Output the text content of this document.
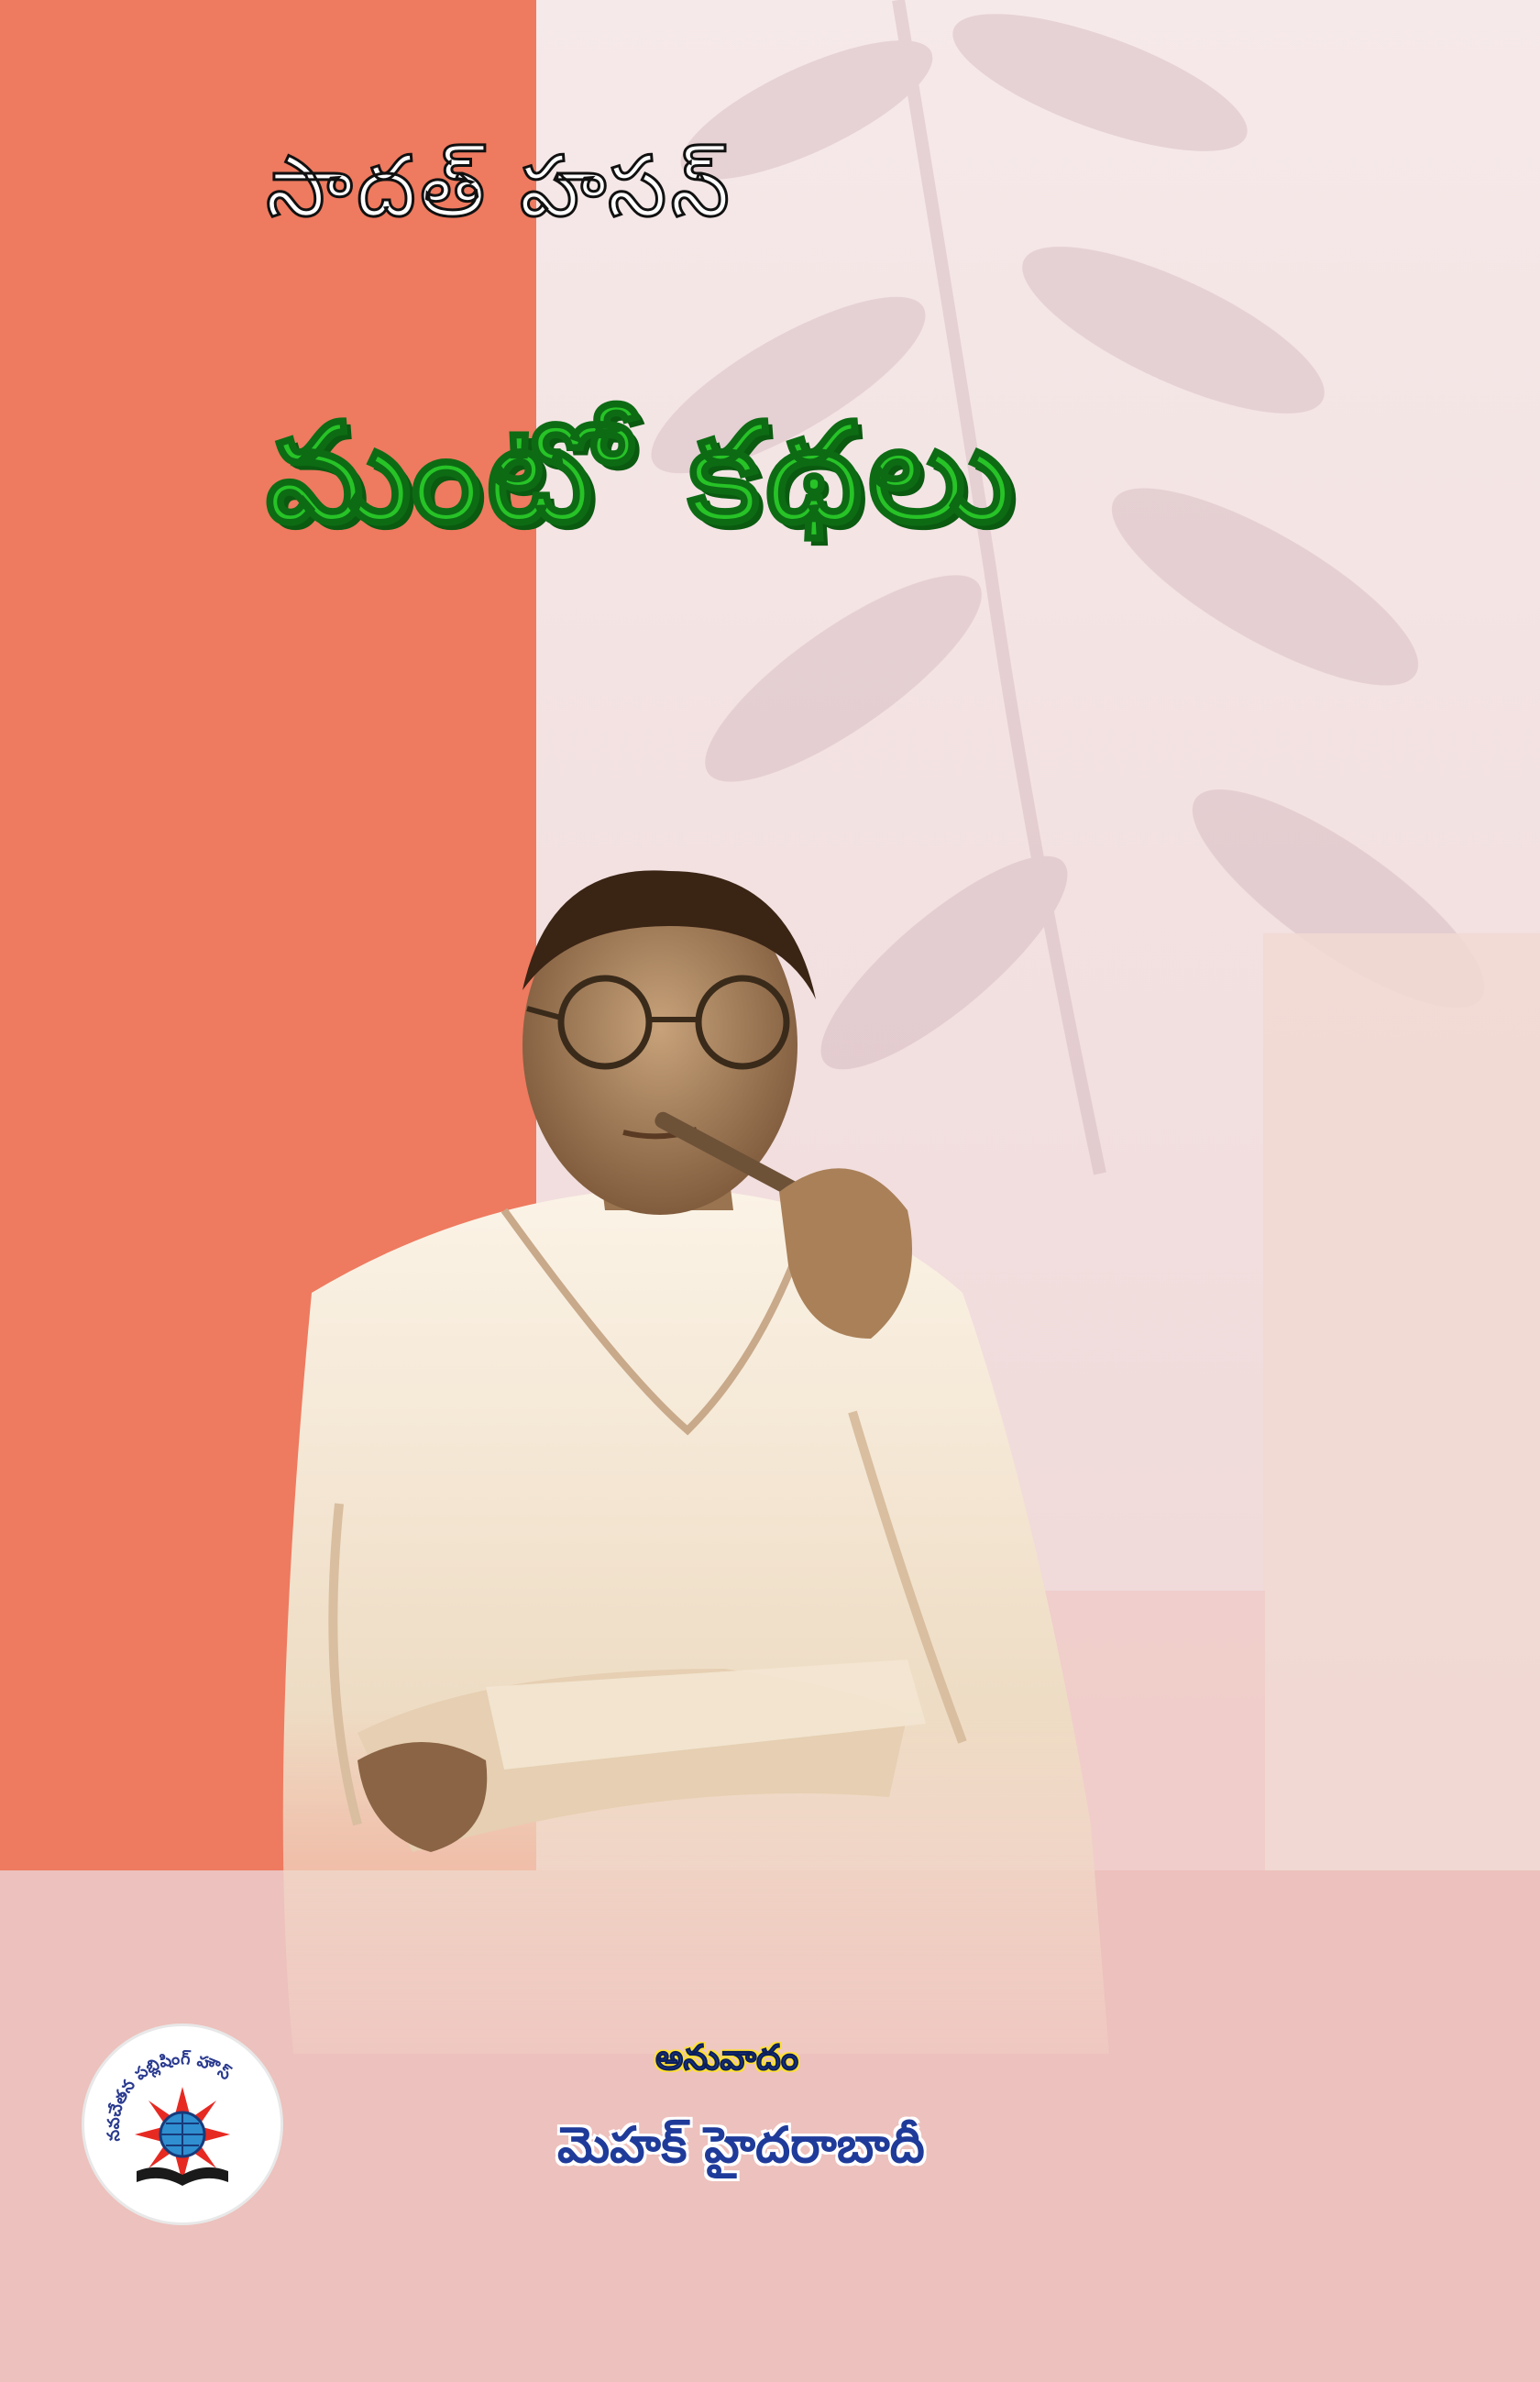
సాదత్ హసన్
మంటో కథలు
నవచేతన పబ్లిషింగ్ హౌస్	అనువాదం
మెహక్ హైదరాబాదీ
